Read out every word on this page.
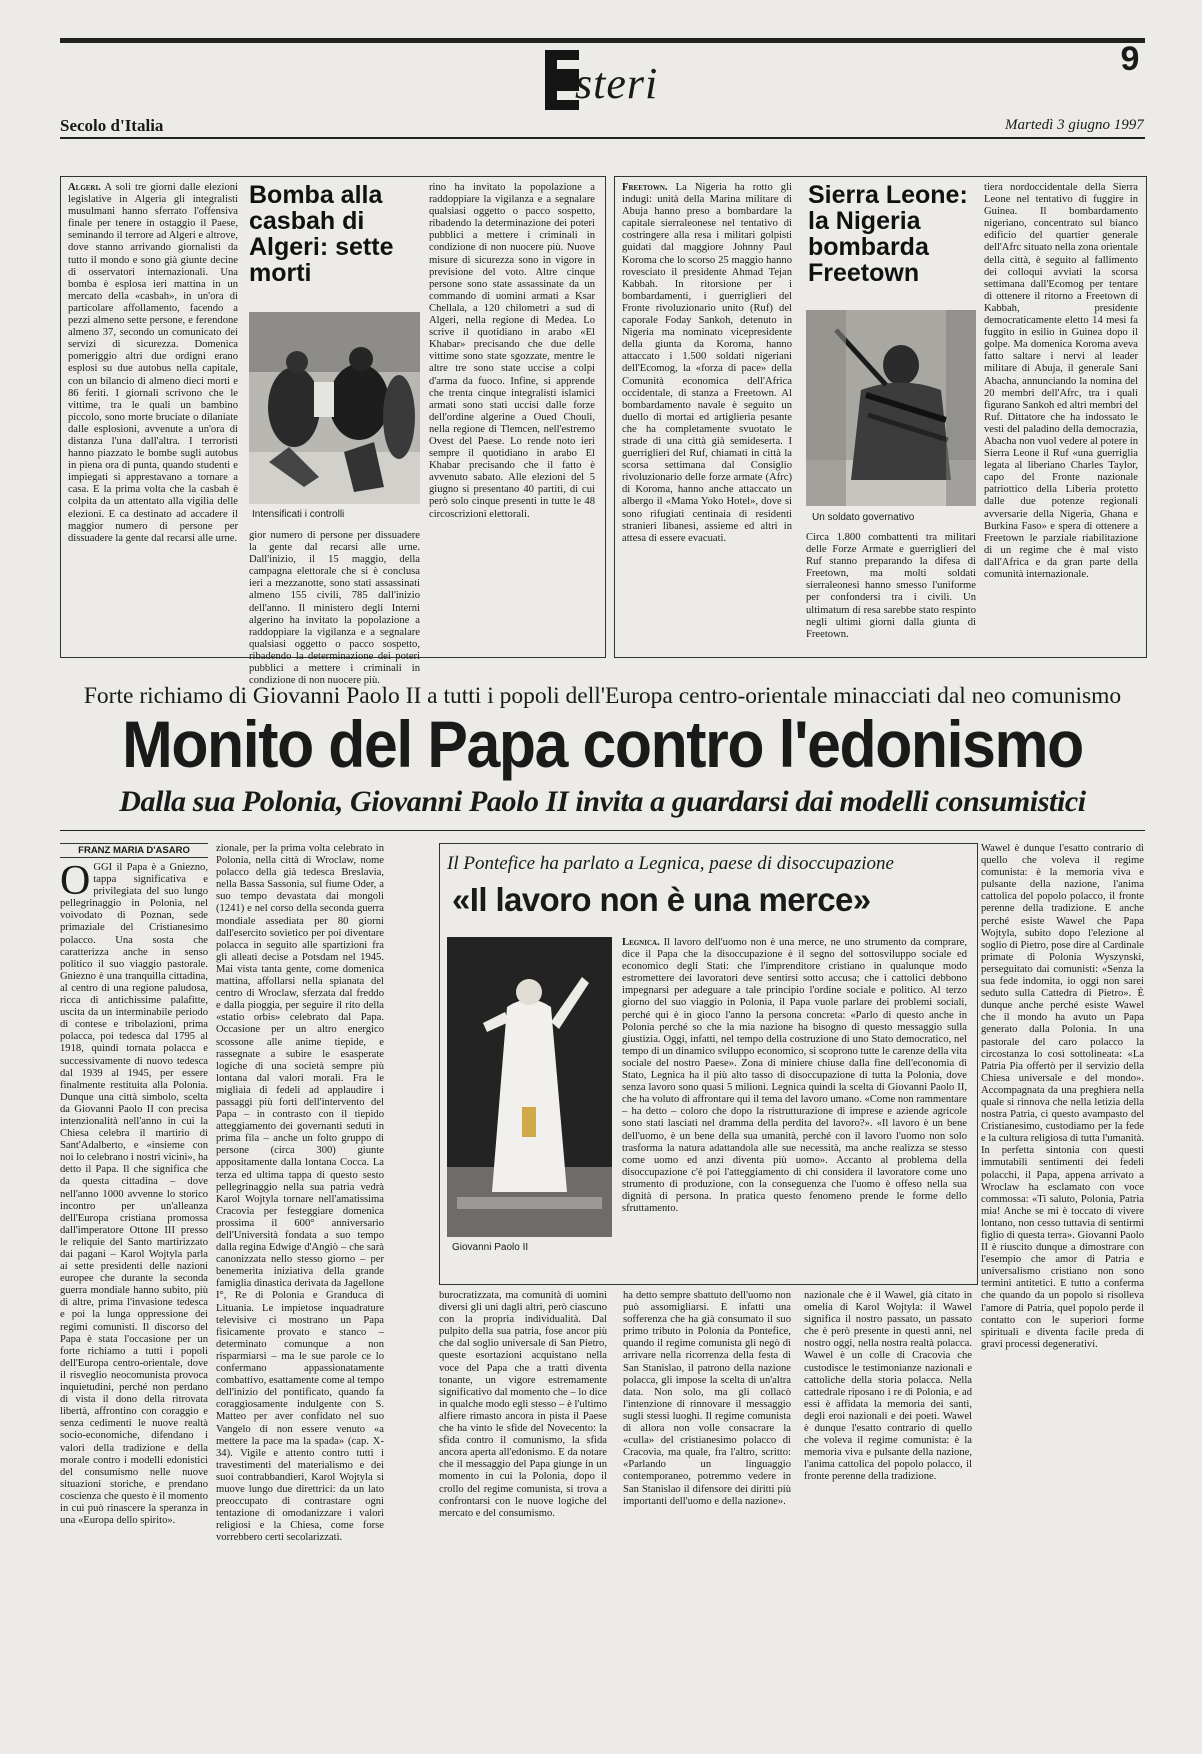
steri	9
Secolo d'Italia	Martedì 3 giugno 1997
Algeri. A soli tre giorni dalle elezioni legislative in Algeria gli integralisti musulmani hanno sferrato l'offensiva finale per tenere in ostaggio il Paese, seminando il terrore ad Algeri e altrove, dove stanno arrivando giornalisti da tutto il mondo e sono già giunte decine di osservatori internazionali. Una bomba è esplosa ieri mattina in un mercato della «casbah», in un'ora di particolare affollamento, facendo a pezzi almeno sette persone, e ferendone almeno 37, secondo un comunicato dei servizi di sicurezza. Domenica pomeriggio altri due ordigni erano esplosi su due autobus nella capitale, con un bilancio di almeno dieci morti e 86 feriti. I giornali scrivono che le vittime, tra le quali un bambino piccolo, sono morte bruciate o dilaniate dalle esplosioni, avvenute a un'ora di distanza l'una dall'altra. I terroristi hanno piazzato le bombe sugli autobus in piena ora di punta, quando studenti e impiegati si apprestavano a tornare a casa. E la prima volta che la casbah è colpita da un attentato alla vigilia delle elezioni. E ca destinato ad accadere il maggior numero di persone per dissuadere la gente dal recarsi alle urne.
Bomba alla casbah di Algeri: sette morti
Intensificati i controlli
gior numero di persone per dissuadere la gente dal recarsi alle urne. Dall'inizio, il 15 maggio, della campagna elettorale che si è conclusa ieri a mezzanotte, sono stati assassinati almeno 155 civili, 785 dall'inizio dell'anno. Il ministero degli Interni algerino ha invitato la popolazione a raddoppiare la vigilanza e a segnalare qualsiasi oggetto o pacco sospetto, ribadendo la determinazione dei poteri pubblici a mettere i criminali in condizione di non nuocere più.
rino ha invitato la popolazione a raddoppiare la vigilanza e a segnalare qualsiasi oggetto o pacco sospetto, ribadendo la determinazione dei poteri pubblici a mettere i criminali in condizione di non nuocere più. Nuove misure di sicurezza sono in vigore in previsione del voto. Altre cinque persone sono state assassinate da un commando di uomini armati a Ksar Chellala, a 120 chilometri a sud di Algeri, nella regione di Medea. Lo scrive il quotidiano in arabo «El Khabar» precisando che due delle vittime sono state sgozzate, mentre le altre tre sono state uccise a colpi d'arma da fuoco. Infine, si apprende che trenta cinque integralisti islamici armati sono stati uccisi dalle forze dell'ordine algerine a Oued Chouli, nella regione di Tlemcen, nell'estremo Ovest del Paese. Lo rende noto ieri sempre il quotidiano in arabo El Khabar precisando che il fatto è avvenuto sabato. Alle elezioni del 5 giugno si presentano 40 partiti, di cui però solo cinque presenti in tutte le 48 circoscrizioni elettorali.
Freetown. La Nigeria ha rotto gli indugi: unità della Marina militare di Abuja hanno preso a bombardare la capitale sierraleonese nel tentativo di costringere alla resa i militari golpisti guidati dal maggiore Johnny Paul Koroma che lo scorso 25 maggio hanno rovesciato il presidente Ahmad Tejan Kabbah. In ritorsione per i bombardamenti, i guerriglieri del Fronte rivoluzionario unito (Ruf) del caporale Foday Sankoh, detenuto in Nigeria ma nominato vicepresidente della giunta da Koroma, hanno attaccato i 1.500 soldati nigeriani dell'Ecomog, la «forza di pace» della Comunità economica dell'Africa occidentale, di stanza a Freetown. Al bombardamento navale è seguito un duello di mortai ed artiglieria pesante che ha completamente svuotato le strade di una città già semideserta. I guerriglieri del Ruf, chiamati in città la scorsa settimana dal Consiglio rivoluzionario delle forze armate (Afrc) di Koroma, hanno anche attaccato un albergo il «Mama Yoko Hotel», dove si sono rifugiati centinaia di residenti stranieri libanesi, assieme ed altri in attesa di essere evacuati.
Sierra Leone: la Nigeria bombarda Freetown
Un soldato governativo
Circa 1.800 combattenti tra militari delle Forze Armate e guerriglieri del Ruf stanno preparando la difesa di Freetown, ma molti soldati sierraleonesi hanno smesso l'uniforme per confondersi tra i civili. Un ultimatum di resa sarebbe stato respinto negli ultimi giorni dalla giunta di Freetown.
tiera nordoccidentale della Sierra Leone nel tentativo di fuggire in Guinea. Il bombardamento nigeriano, concentrato sul bianco edificio del quartier generale dell'Afrc situato nella zona orientale della città, è seguito al fallimento dei colloqui avviati la scorsa settimana dall'Ecomog per tentare di ottenere il ritorno a Freetown di Kabbah, presidente democraticamente eletto 14 mesi fa fuggito in esilio in Guinea dopo il golpe. Ma domenica Koroma aveva fatto saltare i nervi al leader militare di Abuja, il generale Sani Abacha, annunciando la nomina del 20 membri dell'Afrc, tra i quali figurano Sankoh ed altri membri del Ruf. Dittatore che ha indossato le vesti del paladino della democrazia, Abacha non vuol vedere al potere in Sierra Leone il Ruf «una guerriglia legata al liberiano Charles Taylor, capo del Fronte nazionale patriottico della Liberia protetto dalle due potenze regionali avversarie della Nigeria, Ghana e Burkina Faso» e spera di ottenere a Freetown le parziale riabilitazione di un regime che è mal visto dall'Africa e da gran parte della comunità internazionale.
Forte richiamo di Giovanni Paolo II a tutti i popoli dell'Europa centro-orientale minacciati dal neo comunismo
Monito del Papa contro l'edonismo
Dalla sua Polonia, Giovanni Paolo II invita a guardarsi dai modelli consumistici
FRANZ MARIA D'ASARO
OGGI il Papa è a Gniezno, tappa significativa e privilegiata del suo lungo pellegrinaggio in Polonia, nel voivodato di Poznan, sede primaziale del Cristianesimo polacco. Una sosta che caratterizza anche in senso politico il suo viaggio pastorale. Gniezno è una tranquilla cittadina, al centro di una regione paludosa, ricca di antichissime palafitte, uscita da un interminabile periodo di contese e tribolazioni, prima polacca, poi tedesca dal 1795 al 1918, quindi tornata polacca e successivamente di nuovo tedesca dal 1939 al 1945, per essere finalmente restituita alla Polonia. Dunque una città simbolo, scelta da Giovanni Paolo II con precisa intenzionalità nell'anno in cui la Chiesa celebra il martirio di Sant'Adalberto, e «insieme con noi lo celebrano i nostri vicini», ha detto il Papa. Il che significa che da questa cittadina – dove nell'anno 1000 avvenne lo storico incontro per un'alleanza dell'Europa cristiana promossa dall'imperatore Ottone III presso le reliquie del Santo martirizzato dai pagani – Karol Wojtyla parla ai sette presidenti delle nazioni europee che durante la seconda guerra mondiale hanno subito, più di altre, prima l'invasione tedesca e poi la lunga oppressione dei regimi comunisti. Il discorso del Papa è stata l'occasione per un forte richiamo a tutti i popoli dell'Europa centro-orientale, dove il risveglio neocomunista provoca inquietudini, perché non perdano di vista il dono della ritrovata libertà, affrontino con coraggio e senza cedimenti le nuove realtà socio-economiche, difendano i valori della tradizione e della morale contro i modelli edonistici del consumismo nelle nuove situazioni storiche, e prendano coscienza che questo è il momento in cui può rinascere la speranza in una «Europa dello spirito».
zionale, per la prima volta celebrato in Polonia, nella città di Wroclaw, nome polacco della già tedesca Breslavia, nella Bassa Sassonia, sul fiume Oder, a suo tempo devastata dai mongoli (1241) e nel corso della seconda guerra mondiale assediata per 80 giorni dall'esercito sovietico per poi diventare polacca in seguito alle spartizioni fra gli alleati decise a Potsdam nel 1945. Mai vista tanta gente, come domenica mattina, affollarsi nella spianata del centro di Wroclaw, sferzata dal freddo e dalla pioggia, per seguire il rito della «statio orbis» celebrato dal Papa. Occasione per un altro energico scossone alle anime tiepide, e rassegnate a subire le esasperate logiche di una società sempre più lontana dal valori morali. Fra le migliaia di fedeli ad applaudire i passaggi più forti dell'intervento del Papa – in contrasto con il tiepido atteggiamento dei governanti seduti in prima fila – anche un folto gruppo di persone (circa 300) giunte appositamente dalla lontana Cocca. La terza ed ultima tappa di questo sesto pellegrinaggio nella sua patria vedrà Karol Wojtyla tornare nell'amatissima Cracovia per festeggiare domenica prossima il 600° anniversario dell'Università fondata a suo tempo dalla regina Edwige d'Angiò – che sarà canonizzata nello stesso giorno – per benemerita iniziativa della grande famiglia dinastica derivata da Jagellone I°, Re di Polonia e Granduca di Lituania. Le impietose inquadrature televisive ci mostrano un Papa fisicamente provato e stanco – determinato comunque a non risparmiarsi – ma le sue parole ce lo confermano appassionatamente combattivo, esattamente come al tempo dell'inizio del pontificato, quando fa coraggiosamente indulgente con S. Matteo per aver confidato nel suo Vangelo di non essere venuto «a mettere la pace ma la spada» (cap. X-34). Vigile e attento contro tutti i travestimenti del materialismo e dei suoi contrabbandieri, Karol Wojtyla si muove lungo due direttrici: da un lato preoccupato di contrastare ogni tentazione di omodanizzare i valori religiosi e la Chiesa, come forse vorrebbero certi secolarizzati.
Il Pontefice ha parlato a Legnica, paese di disoccupazione
«Il lavoro non è una merce»
Giovanni Paolo II
Legnica. Il lavoro dell'uomo non è una merce, ne uno strumento da comprare, dice il Papa che la disoccupazione è il segno del sottosviluppo sociale ed economico degli Stati: che l'imprenditore cristiano in qualunque modo estromettere dei lavoratori deve sentirsi sotto accusa; che i cattolici debbono impegnarsi per adeguare a tale principio l'ordine sociale e politico. Al terzo giorno del suo viaggio in Polonia, il Papa vuole parlare dei problemi sociali, perché qui è in gioco l'anno la persona concreta: «Parlo di questo anche in Polonia perché so che la mia nazione ha bisogno di questo messaggio sulla giustizia. Oggi, infatti, nel tempo della costruzione di uno Stato democratico, nel tempo di un dinamico sviluppo economico, si scoprono tutte le carenze della vita sociale del nostro Paese». Zona di miniere chiuse dalla fine dell'economia di Stato, Legnica ha il più alto tasso di disoccupazione di tutta la Polonia, dove senza lavoro sono quasi 5 milioni. Legnica quindi la scelta di Giovanni Paolo II, che ha voluto di affrontare qui il tema del lavoro umano. «Come non rammentare – ha detto – coloro che dopo la ristrutturazione di imprese e aziende agricole sono stati lasciati nel dramma della perdita del lavoro?». «Il lavoro è un bene dell'uomo, è un bene della sua umanità, perché con il lavoro l'uomo non solo trasforma la natura adattandola alle sue necessità, ma anche realizza se stesso come uomo ed anzi diventa più uomo». Accanto al problema della disoccupazione c'è poi l'atteggiamento di chi considera il lavoratore come uno strumento di produzione, con la conseguenza che l'uomo è offeso nella sua dignità di persona. In pratica questo fenomeno prende le forme dello sfruttamento.
burocratizzata, ma comunità di uomini diversi gli uni dagli altri, però ciascuno con la propria individualità. Dal pulpito della sua patria, fose ancor più che dal soglio universale di San Pietro, queste esortazioni acquistano nella voce del Papa che a tratti diventa tonante, un vigore estremamente significativo dal momento che – lo dice in qualche modo egli stesso – è l'ultimo alfiere rimasto ancora in pista il Paese che ha vinto le sfide del Novecento: la sfida contro il comunismo, la sfida ancora aperta all'edonismo. E da notare che il messaggio del Papa giunge in un momento in cui la Polonia, dopo il crollo del regime comunista, si trova a confrontarsi con le nuove logiche del mercato e del consumismo.
ha detto sempre sbattuto dell'uomo non può assomigliarsi. E infatti una sofferenza che ha già consumato il suo primo tributo in Polonia da Pontefice, quando il regime comunista gli negò di arrivare nella ricorrenza della festa di San Stanislao, il patrono della nazione polacca, gli impose la scelta di un'altra data. Non solo, ma gli collacò l'intenzione di rinnovare il messaggio sugli stessi luoghi. Il regime comunista di allora non volle consacrare la «culla» del cristianesimo polacco di Cracovia, ma quale, fra l'altro, scritto: «Parlando un linguaggio contemporaneo, potremmo vedere in San Stanislao il difensore dei diritti più importanti dell'uomo e della nazione».
nazionale che è il Wawel, già citato in omelia di Karol Wojtyla: il Wawel significa il nostro passato, un passato che è però presente in questi anni, nel nostro oggi, nella nostra realtà polacca. Wawel è un colle di Cracovia che custodisce le testimonianze nazionali e cattoliche della storia polacca. Nella cattedrale riposano i re di Polonia, e ad essi è affidata la memoria dei santi, degli eroi nazionali e dei poeti. Wawel è dunque l'esatto contrario di quello che voleva il regime comunista: è la memoria viva e pulsante della nazione, l'anima cattolica del popolo polacco, il fronte perenne della tradizione.
Wawel è dunque l'esatto contrario di quello che voleva il regime comunista: è la memoria viva e pulsante della nazione, l'anima cattolica del popolo polacco, il fronte perenne della tradizione. E anche perché esiste Wawel che Papa Wojtyla, subito dopo l'elezione al soglio di Pietro, pose dire al Cardinale primate di Polonia Wyszynski, perseguitato dai comunisti: «Senza la sua fede indomita, io oggi non sarei seduto sulla Cattedra di Pietro». È dunque anche perché esiste Wawel che il mondo ha avuto un Papa generato dalla Polonia. In una pastorale del caro polacco la circostanza lo così sottolineata: «La Patria Pia offertò per il servizio della Chiesa universale e del mondo». Accompagnata da una preghiera nella quale si rinnova che nella letizia della nostra Patria, ci questo avampasto del Cristianesimo, custodiamo per la fede e la cultura religiosa di tutta l'umanità. In perfetta sintonia con questi immutabili sentimenti dei fedeli polacchi, il Papa, appena arrivato a Wroclaw ha esclamato con voce commossa: «Ti saluto, Polonia, Patria mia! Anche se mi è toccato di vivere lontano, non cesso tuttavia di sentirmi figlio di questa terra». Giovanni Paolo II è riuscito dunque a dimostrare con l'esempio che amor di Patria e universalismo cristiano non sono termini antitetici. E tutto a conferma che quando da un popolo si risolleva l'amore di Patria, quel popolo perde il contatto con le superiori forme spirituali e diventa facile preda di gravi processi degenerativi.
